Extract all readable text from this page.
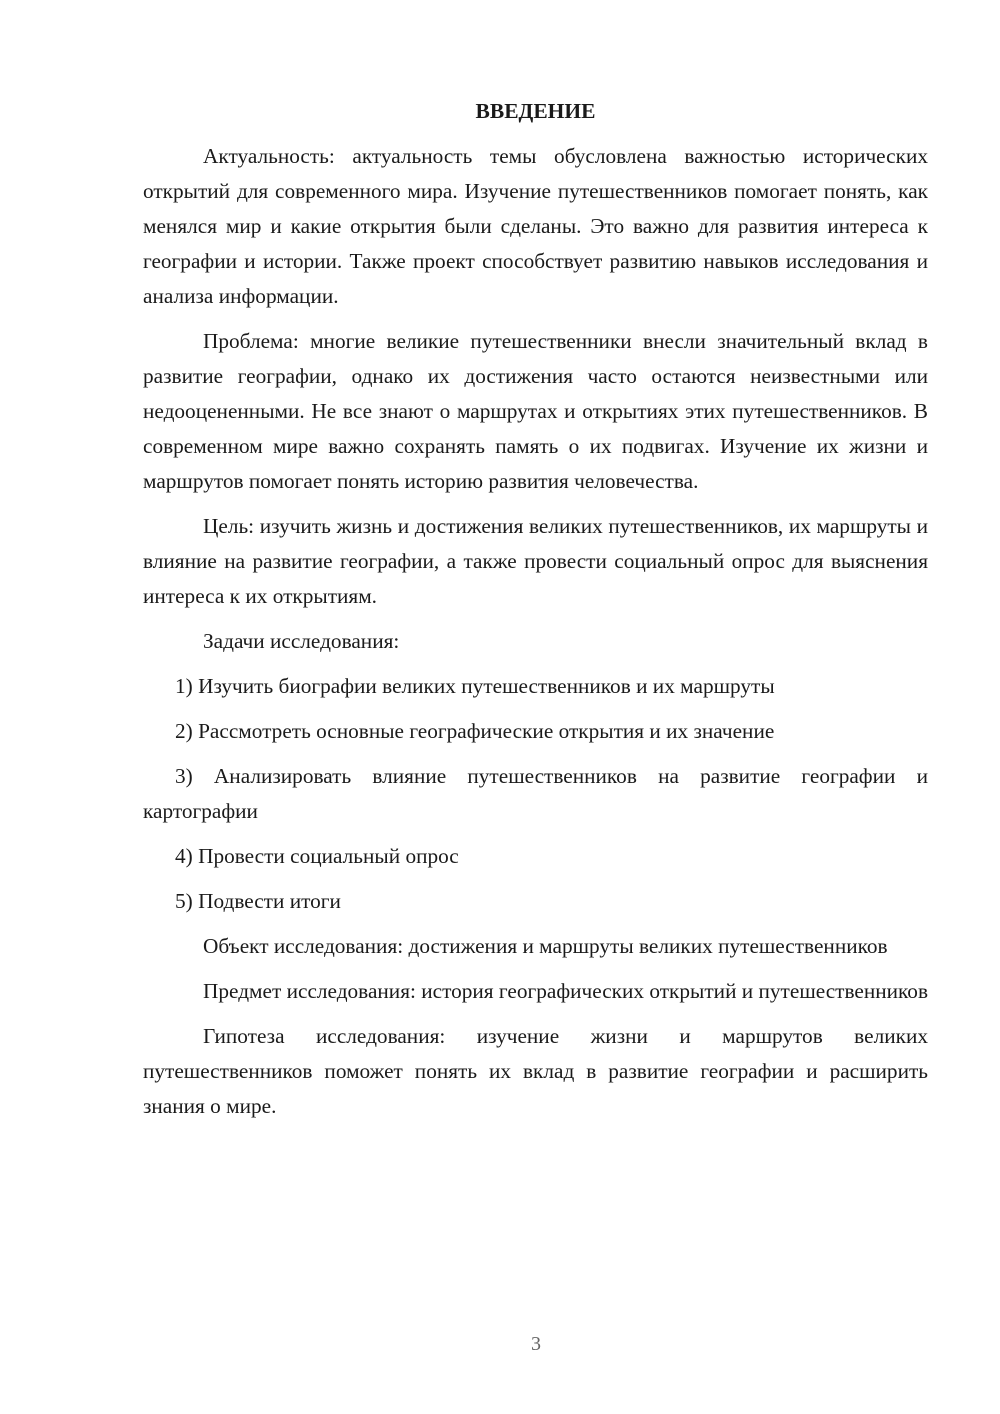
ВВЕДЕНИЕ

Актуальность: актуальность темы обусловлена важностью исторических открытий для современного мира. Изучение путешественников помогает понять, как менялся мир и какие открытия были сделаны. Это важно для развития интереса к географии и истории. Также проект способствует развитию навыков исследования и анализа информации.

Проблема: многие великие путешественники внесли значительный вклад в развитие географии, однако их достижения часто остаются неизвестными или недооцененными. Не все знают о маршрутах и открытиях этих путешественников. В современном мире важно сохранять память о их подвигах. Изучение их жизни и маршрутов помогает понять историю развития человечества.

Цель: изучить жизнь и достижения великих путешественников, их маршруты и влияние на развитие географии, а также провести социальный опрос для выяснения интереса к их открытиям.

Задачи исследования:

1) Изучить биографии великих путешественников и их маршруты

2) Рассмотреть основные географические открытия и их значение

3) Анализировать влияние путешественников на развитие географии и картографии

4) Провести социальный опрос

5) Подвести итоги

Объект исследования: достижения и маршруты великих путешественников

Предмет исследования: история географических открытий и путешественников

Гипотеза исследования: изучение жизни и маршрутов великих путешественников поможет понять их вклад в развитие географии и расширить знания о мире.

3
